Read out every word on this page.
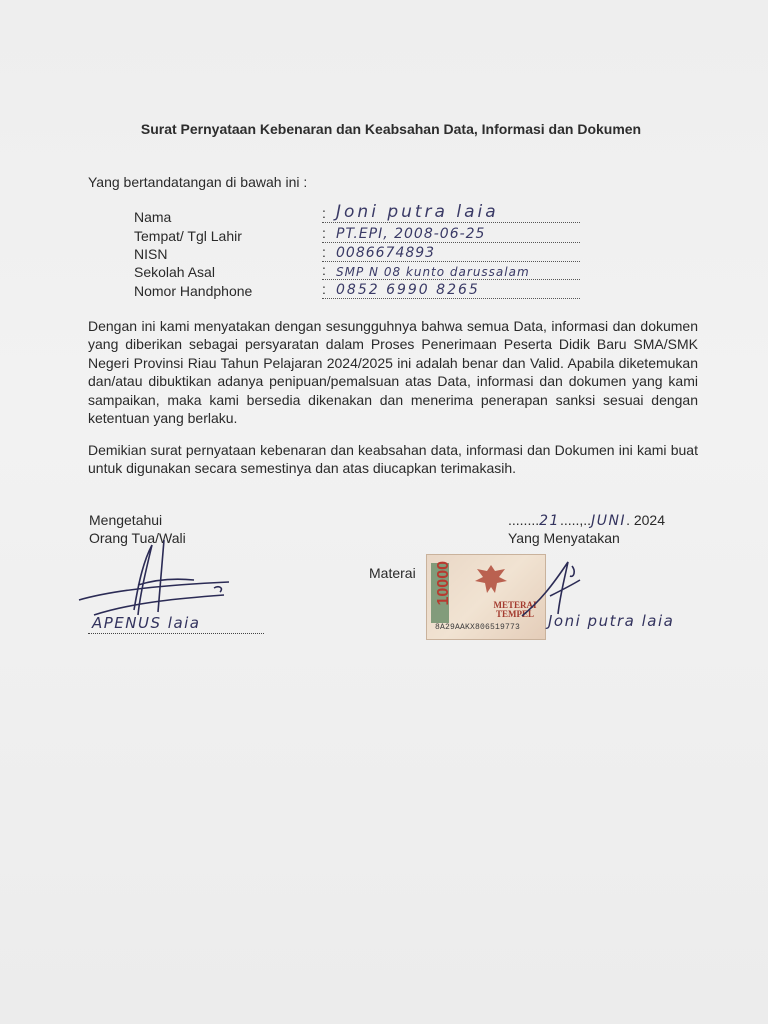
Surat Pernyataan Kebenaran dan Keabsahan Data, Informasi dan Dokumen
Yang bertandatangan di bawah ini :
Nama	: Joni putra laia
Tempat/ Tgl Lahir	: PT.EPI, 2008-06-25
NISN	: 0086674893
Sekolah Asal	: SMP N 08 kunto darussalam
Nomor Handphone	: 0852 6990 8265
Dengan ini kami menyatakan dengan sesungguhnya bahwa semua Data, informasi dan dokumen yang diberikan sebagai persyaratan dalam Proses Penerimaan Peserta Didik Baru SMA/SMK Negeri Provinsi Riau Tahun Pelajaran 2024/2025 ini adalah benar dan Valid. Apabila diketemukan dan/atau dibuktikan adanya penipuan/pemalsuan atas Data, informasi dan dokumen yang kami sampaikan, maka kami bersedia dikenakan dan menerima penerapan sanksi sesuai dengan ketentuan yang berlaku.
Demikian surat pernyataan kebenaran dan keabsahan data, informasi dan Dokumen ini kami buat untuk digunakan secara semestinya dan atas diucapkan terimakasih.
Mengetahui
Orang Tua/Wali
APENUS laia
........21.....,..JUNI. 2024
Yang Menyatakan
Materai 10000	METERAI TEMPEL
8A29AAKX806519773 Joni putra laia
